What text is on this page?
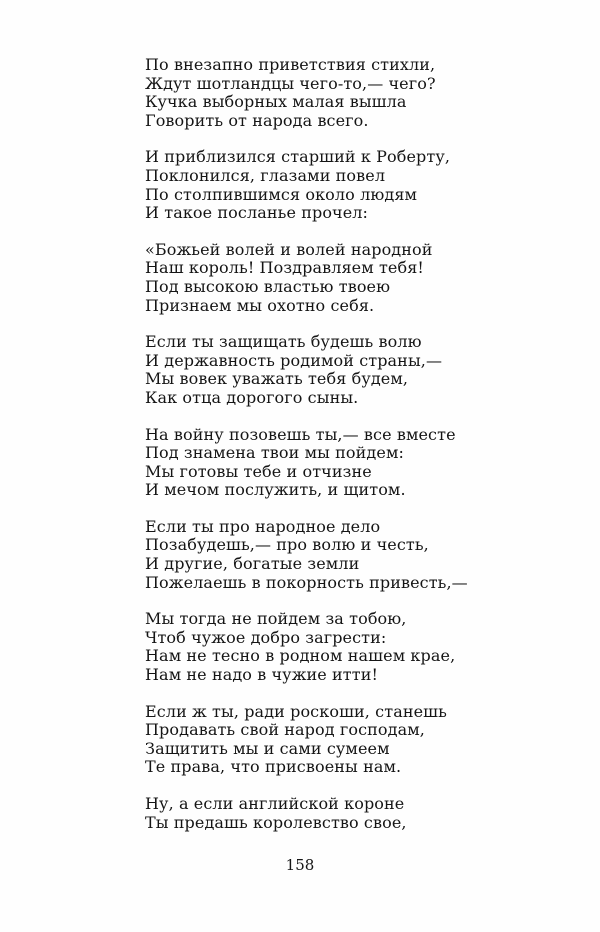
По внезапно приветствия стихли,
Ждут шотландцы чего-то,— чего?
Кучка выборных малая вышла
Говорить от народа всего.
И приблизился старший к Роберту,
Поклонился, глазами повел
По столпившимся около людям
И такое посланье прочел:
«Божьей волей и волей народной
Наш король! Поздравляем тебя!
Под высокою властью твоею
Признаем мы охотно себя.
Если ты защищать будешь волю
И державность родимой страны,—
Мы вовек уважать тебя будем,
Как отца дорогого сыны.
На войну позовешь ты,— все вместе
Под знамена твои мы пойдем:
Мы готовы тебе и отчизне
И мечом послужить, и щитом.
Если ты про народное дело
Позабудешь,— про волю и честь,
И другие, богатые земли
Пожелаешь в покорность привесть,—
Мы тогда не пойдем за тобою,
Чтоб чужое добро загрести:
Нам не тесно в родном нашем крае,
Нам не надо в чужие итти!
Если ж ты, ради роскоши, станешь
Продавать свой народ господам,
Защитить мы и сами сумеем
Те права, что присвоены нам.
Ну, а если английской короне
Ты предашь королевство свое,
158
